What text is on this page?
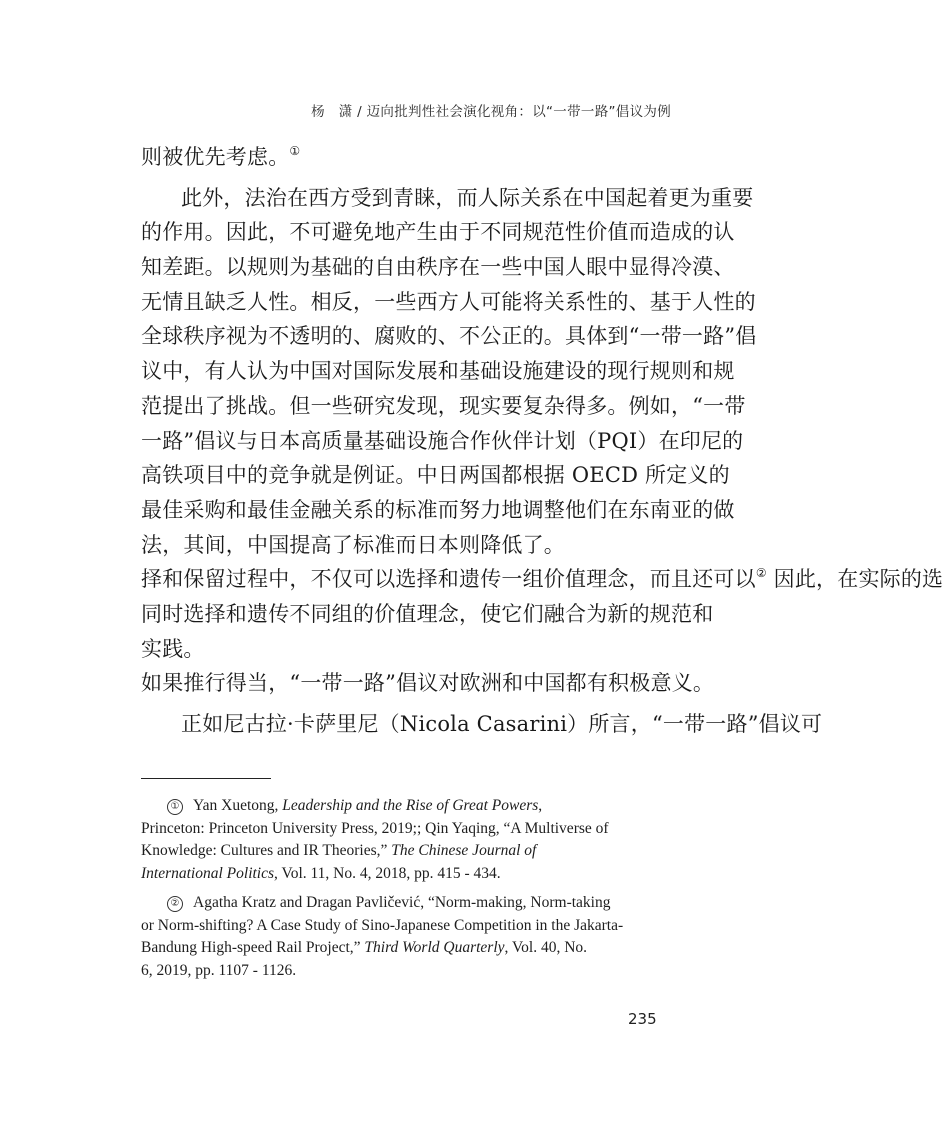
杨　潇 / 迈向批判性社会演化视角：以“一带一路”倡议为例
则被优先考虑。①
此外，法治在西方受到青睐，而人际关系在中国起着更为重要
的作用。因此，不可避免地产生由于不同规范性价值而造成的认
知差距。以规则为基础的自由秩序在一些中国人眼中显得冷漠、
无情且缺乏人性。相反，一些西方人可能将关系性的、基于人性的
全球秩序视为不透明的、腐败的、不公正的。具体到“一带一路”倡
议中，有人认为中国对国际发展和基础设施建设的现行规则和规
范提出了挑战。但一些研究发现，现实要复杂得多。例如，“一带
一路”倡议与日本高质量基础设施合作伙伴计划（PQI）在印尼的
高铁项目中的竞争就是例证。中日两国都根据 OECD 所定义的
最佳采购和最佳金融关系的标准而努力地调整他们在东南亚的做
法，其间，中国提高了标准而日本则降低了。
择和保留过程中，不仅可以选择和遗传一组价值理念，而且还可以② 因此，在实际的选
同时选择和遗传不同组的价值理念，使它们融合为新的规范和
实践。
如果推行得当，“一带一路”倡议对欧洲和中国都有积极意义。
正如尼古拉·卡萨里尼（Nicola Casarini）所言，“一带一路”倡议可
① Yan Xuetong, Leadership and the Rise of Great Powers,
Princeton: Princeton University Press, 2019;; Qin Yaqing, “A Multiverse of
Knowledge: Cultures and IR Theories,” The Chinese Journal of
International Politics, Vol. 11, No. 4, 2018, pp. 415 - 434.
② Agatha Kratz and Dragan Pavličević, “Norm-making, Norm-taking
or Norm-shifting? A Case Study of Sino-Japanese Competition in the Jakarta-
Bandung High-speed Rail Project,” Third World Quarterly, Vol. 40, No.
6, 2019, pp. 1107 - 1126.
235
